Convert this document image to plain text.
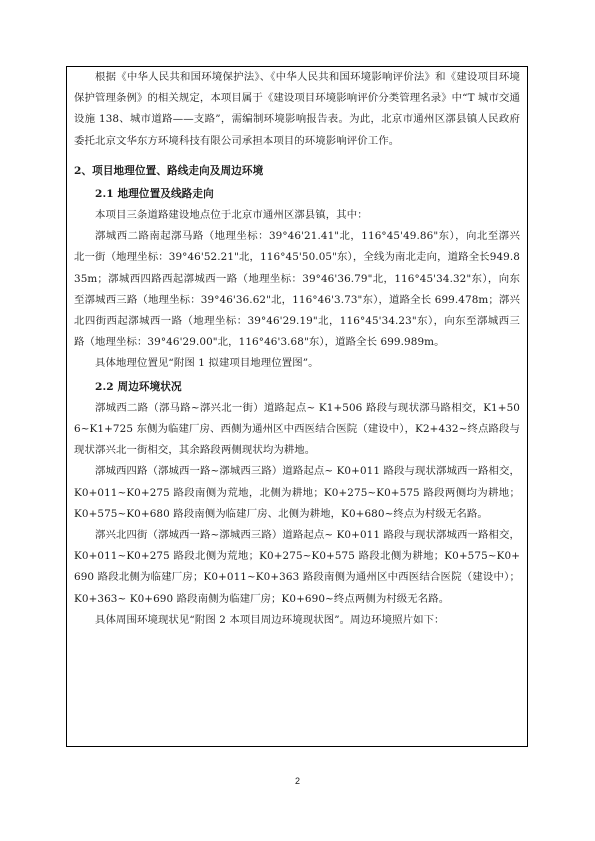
根据《中华人民共和国环境保护法》、《中华人民共和国环境影响评价法》和《建设项目环境保护管理条例》的相关规定，本项目属于《建设项目环境影响评价分类管理名录》中“T 城市交通设施 138、城市道路——支路”，需编制环境影响报告表。为此，北京市通州区漷县镇人民政府委托北京文华东方环境科技有限公司承担本项目的环境影响评价工作。

2、项目地理位置、路线走向及周边环境

2.1 地理位置及线路走向

本项目三条道路建设地点位于北京市通州区漷县镇，其中：

漷城西二路南起漷马路（地理坐标：39°46'21.41"北，116°45'49.86"东），向北至漷兴北一街（地理坐标：39°46'52.21"北，116°45'50.05"东），全线为南北走向，道路全长949.835m；漷城西四路西起漷城西一路（地理坐标：39°46'36.79"北，116°45'34.32"东），向东至漷城西三路（地理坐标：39°46'36.62"北，116°46'3.73"东），道路全长 699.478m；漷兴北四街西起漷城西一路（地理坐标：39°46'29.19"北，116°45'34.23"东），向东至漷城西三路（地理坐标：39°46'29.00"北，116°46'3.68"东），道路全长 699.989m。

具体地理位置见“附图 1 拟建项目地理位置图”。

2.2 周边环境状况

漷城西二路（漷马路~漷兴北一街）道路起点~ K1+506 路段与现状漷马路相交，K1+506~K1+725 东侧为临建厂房、西侧为通州区中西医结合医院（建设中），K2+432~终点路段与现状漷兴北一街相交，其余路段两侧现状均为耕地。

漷城西四路（漷城西一路~漷城西三路）道路起点~ K0+011 路段与现状漷城西一路相交，K0+011~K0+275 路段南侧为荒地，北侧为耕地；K0+275~K0+575 路段两侧均为耕地；K0+575~K0+680 路段南侧为临建厂房、北侧为耕地，K0+680~终点为村级无名路。

漷兴北四街（漷城西一路~漷城西三路）道路起点~ K0+011 路段与现状漷城西一路相交，K0+011~K0+275 路段北侧为荒地；K0+275~K0+575 路段北侧为耕地；K0+575~K0+690 路段北侧为临建厂房；K0+011~K0+363 路段南侧为通州区中西医结合医院（建设中）；K0+363~ K0+690 路段南侧为临建厂房；K0+690~终点两侧为村级无名路。

具体周围环境现状见“附图 2 本项目周边环境现状图”。周边环境照片如下：

2
